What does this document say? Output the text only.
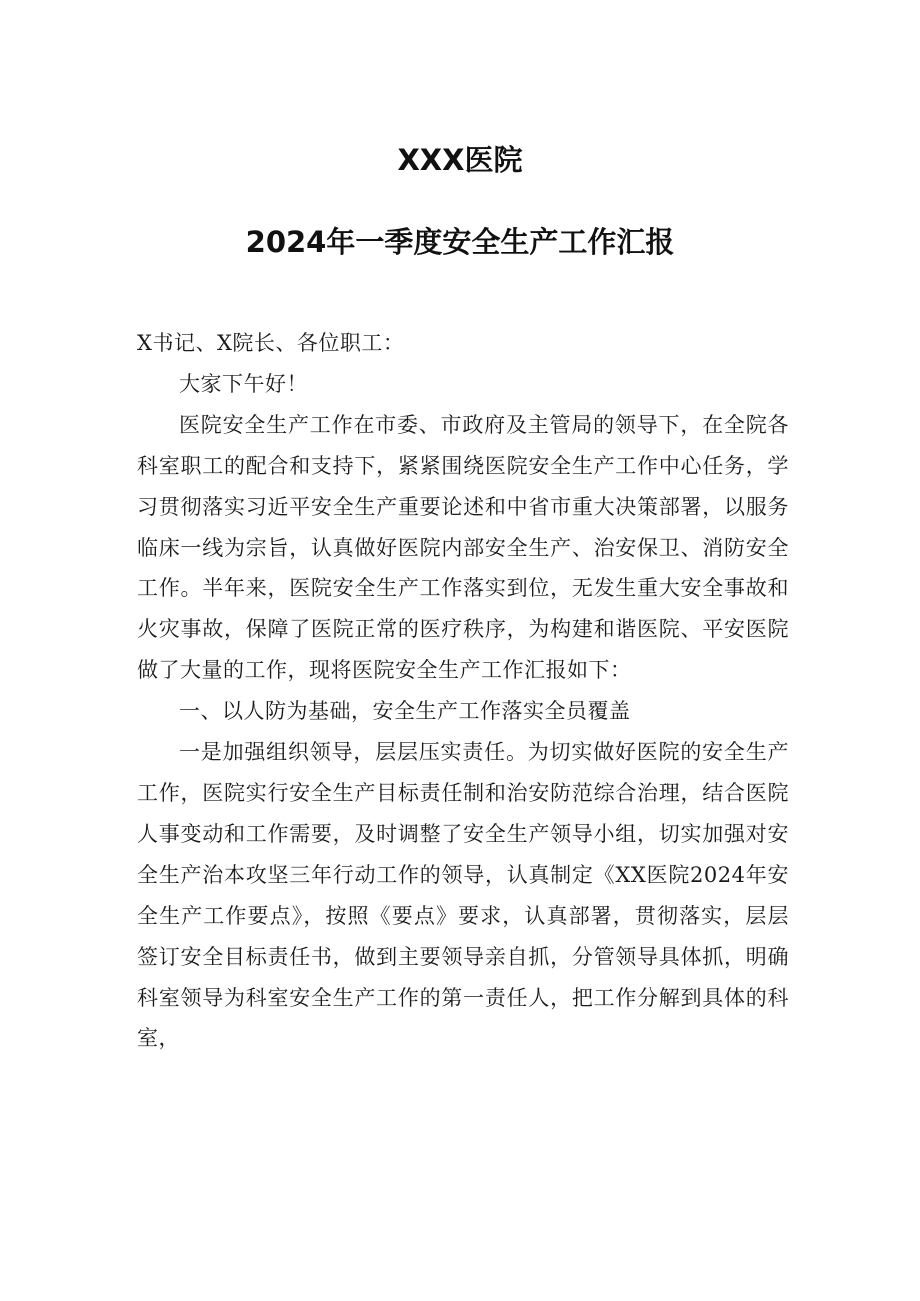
XXX医院
2024年一季度安全生产工作汇报

X书记、X院长、各位职工：

大家下午好！

医院安全生产工作在市委、市政府及主管局的领导下，在全院各科室职工的配合和支持下，紧紧围绕医院安全生产工作中心任务，学习贯彻落实习近平安全生产重要论述和中省市重大决策部署，以服务临床一线为宗旨，认真做好医院内部安全生产、治安保卫、消防安全工作。半年来，医院安全生产工作落实到位，无发生重大安全事故和火灾事故，保障了医院正常的医疗秩序，为构建和谐医院、平安医院做了大量的工作，现将医院安全生产工作汇报如下：

一、以人防为基础，安全生产工作落实全员覆盖

一是加强组织领导，层层压实责任。为切实做好医院的安全生产工作，医院实行安全生产目标责任制和治安防范综合治理，结合医院人事变动和工作需要，及时调整了安全生产领导小组，切实加强对安全生产治本攻坚三年行动工作的领导，认真制定《XX医院2024年安全生产工作要点》，按照《要点》要求，认真部署，贯彻落实，层层签订安全目标责任书，做到主要领导亲自抓，分管领导具体抓，明确科室领导为科室安全生产工作的第一责任人，把工作分解到具体的科室，
